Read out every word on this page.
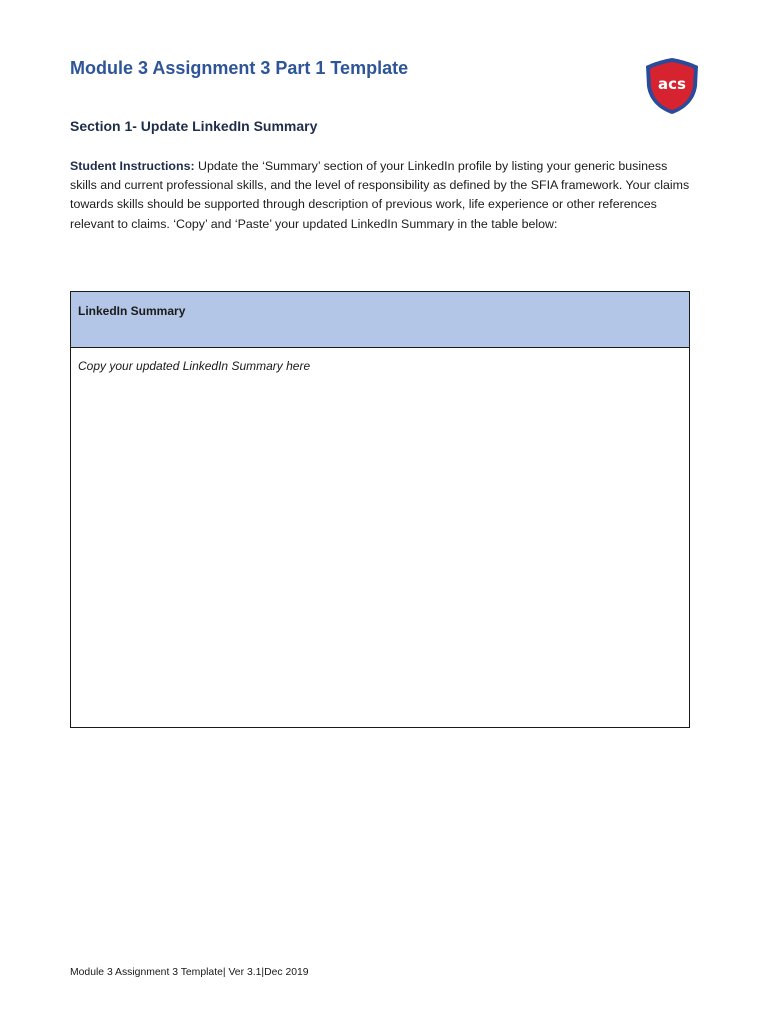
Module 3 Assignment 3 Part 1 Template
acs
Section 1- Update LinkedIn Summary
Student Instructions: Update the ‘Summary’ section of your LinkedIn profile by listing your generic business skills and current professional skills, and the level of responsibility as defined by the SFIA framework. Your claims towards skills should be supported through description of previous work, life experience or other references relevant to claims. ‘Copy’ and ‘Paste’ your updated LinkedIn Summary in the table below:
LinkedIn Summary
Copy your updated LinkedIn Summary here
Module 3 Assignment 3 Template| Ver 3.1|Dec 2019
